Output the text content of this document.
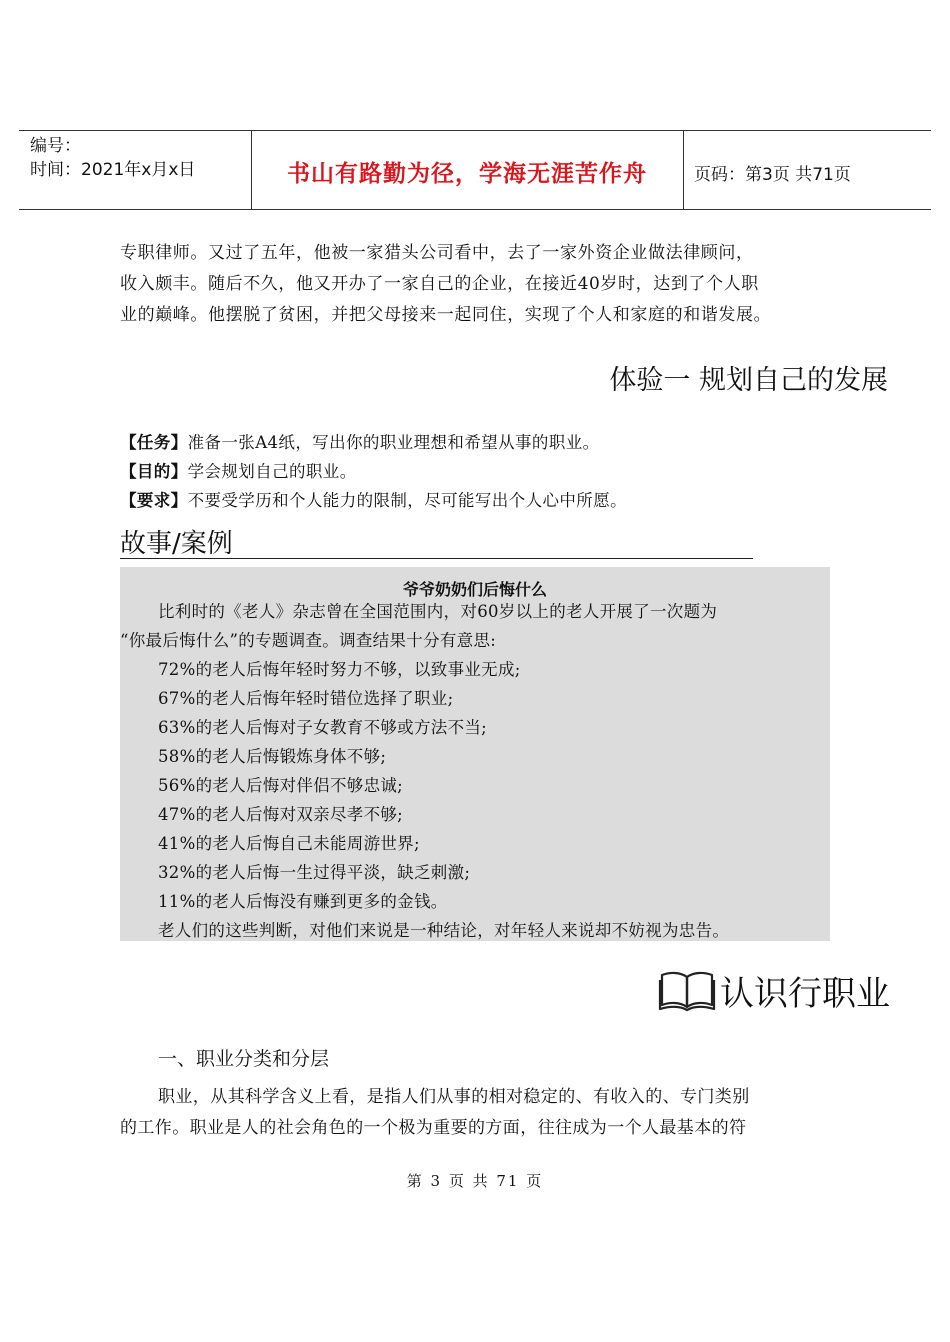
编号：
时间：2021年x月x日	书山有路勤为径，学海无涯苦作舟	页码：第3页 共71页

专职律师。又过了五年，他被一家猎头公司看中，去了一家外资企业做法律顾问，

收入颇丰。随后不久，他又开办了一家自己的企业，在接近40岁时，达到了个人职

业的巅峰。他摆脱了贫困，并把父母接来一起同住，实现了个人和家庭的和谐发展。

体验一 规划自己的发展
【任务】准备一张A4纸，写出你的职业理想和希望从事的职业。
【目的】学会规划自己的职业。
【要求】不要受学历和个人能力的限制，尽可能写出个人心中所愿。
故事/案例
爷爷奶奶们后悔什么
比利时的《老人》杂志曾在全国范围内，对60岁以上的老人开展了一次题为
“你最后悔什么”的专题调查。调查结果十分有意思:
72%的老人后悔年轻时努力不够，以致事业无成;
67%的老人后悔年轻时错位选择了职业;
63%的老人后悔对子女教育不够或方法不当;
58%的老人后悔锻炼身体不够;
56%的老人后悔对伴侣不够忠诚;
47%的老人后悔对双亲尽孝不够;
41%的老人后悔自己未能周游世界;
32%的老人后悔一生过得平淡，缺乏刺激;
11%的老人后悔没有赚到更多的金钱。
老人们的这些判断，对他们来说是一种结论，对年轻人来说却不妨视为忠告。
认识行职业
一、职业分类和分层

职业，从其科学含义上看，是指人们从事的相对稳定的、有收入的、专门类别

的工作。职业是人的社会角色的一个极为重要的方面，往往成为一个人最基本的符

第 3 页 共 71 页
